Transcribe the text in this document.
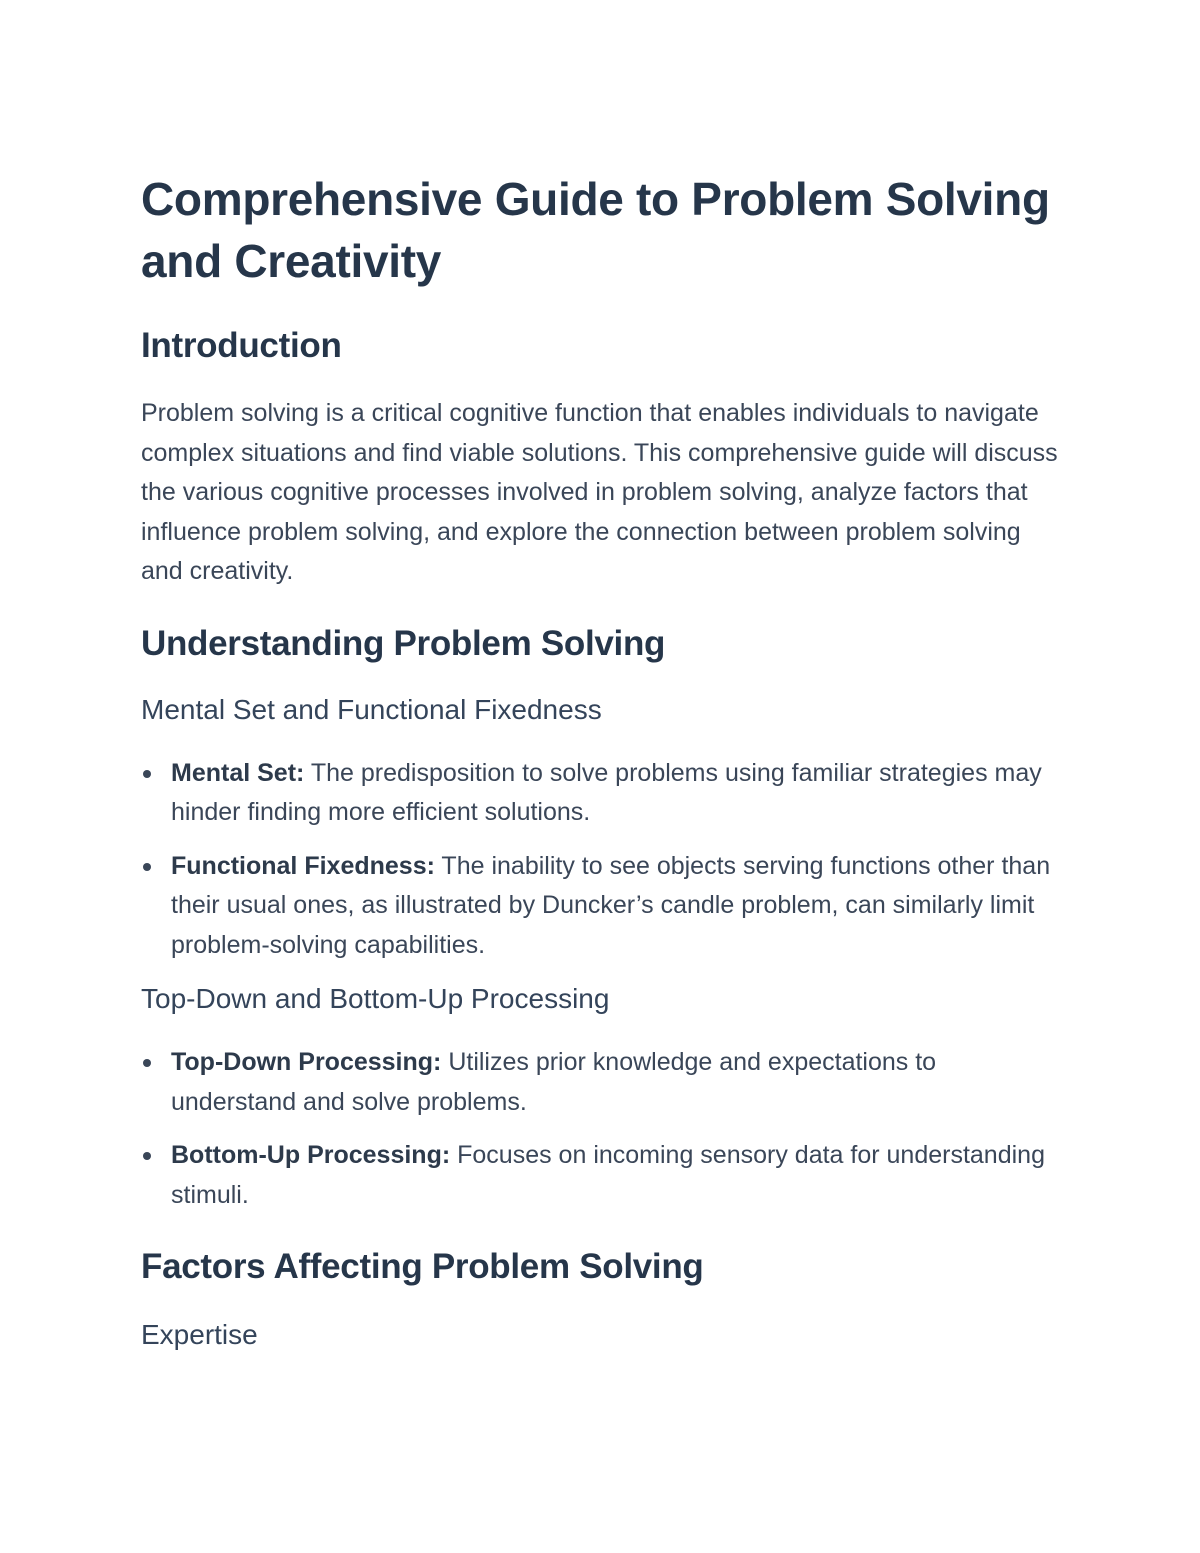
Comprehensive Guide to Problem Solving and Creativity
Introduction

Problem solving is a critical cognitive function that enables individuals to navigate complex situations and find viable solutions. This comprehensive guide will discuss the various cognitive processes involved in problem solving, analyze factors that influence problem solving, and explore the connection between problem solving and creativity.

Understanding Problem Solving
Mental Set and Functional Fixedness
Mental Set: The predisposition to solve problems using familiar strategies may hinder finding more efficient solutions.
Functional Fixedness: The inability to see objects serving functions other than their usual ones, as illustrated by Duncker’s candle problem, can similarly limit problem-solving capabilities.
Top-Down and Bottom-Up Processing
Top-Down Processing: Utilizes prior knowledge and expectations to understand and solve problems.
Bottom-Up Processing: Focuses on incoming sensory data for understanding stimuli.
Factors Affecting Problem Solving
Expertise
